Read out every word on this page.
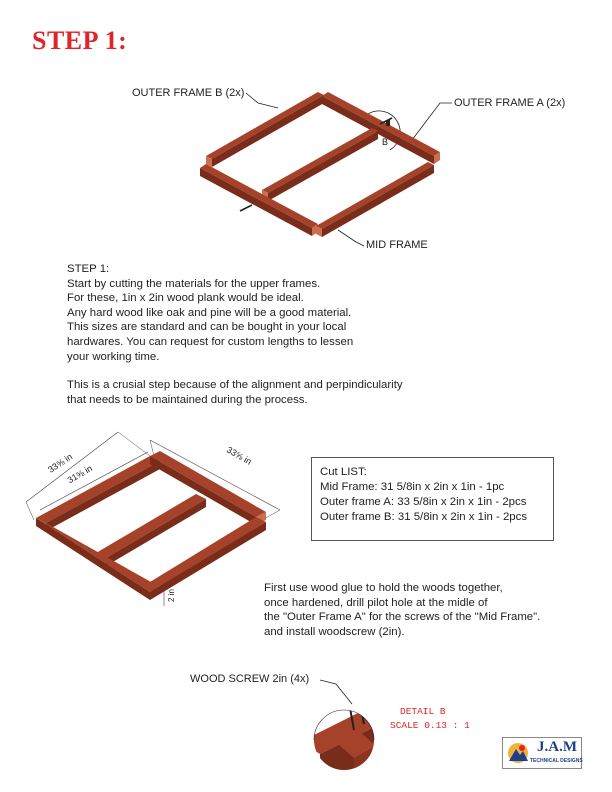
STEP 1:
OUTER FRAME B (2x)
OUTER FRAME A (2x)
MID FRAME
B
STEP 1:
Start by cutting the materials for the upper frames.
For these, 1in x 2in wood plank would be ideal.
Any hard wood like oak and pine will be a good material.
This sizes are standard and can be bought in your local
hardwares. You can request for custom lengths to lessen
your working time.
This is a crusial step because of the alignment and perpindicularity
that needs to be maintained during the process.
33⅝ in
31⅝ in
33⅝ in
2 in
Cut LIST:
Mid Frame: 31 5/8in x 2in x 1in - 1pc
Outer frame A: 33 5/8in x 2in x 1in - 2pcs
Outer frame B: 31 5/8in x 2in x 1in - 2pcs
First use wood glue to hold the woods together,
once hardened, drill pilot hole at the midle of
the "Outer Frame A" for the screws of the "Mid Frame".
and install woodscrew (2in).
WOOD SCREW 2in (4x)
DETAIL B
SCALE 0.13 : 1
J.A.M
TECHNICAL DESIGNS
